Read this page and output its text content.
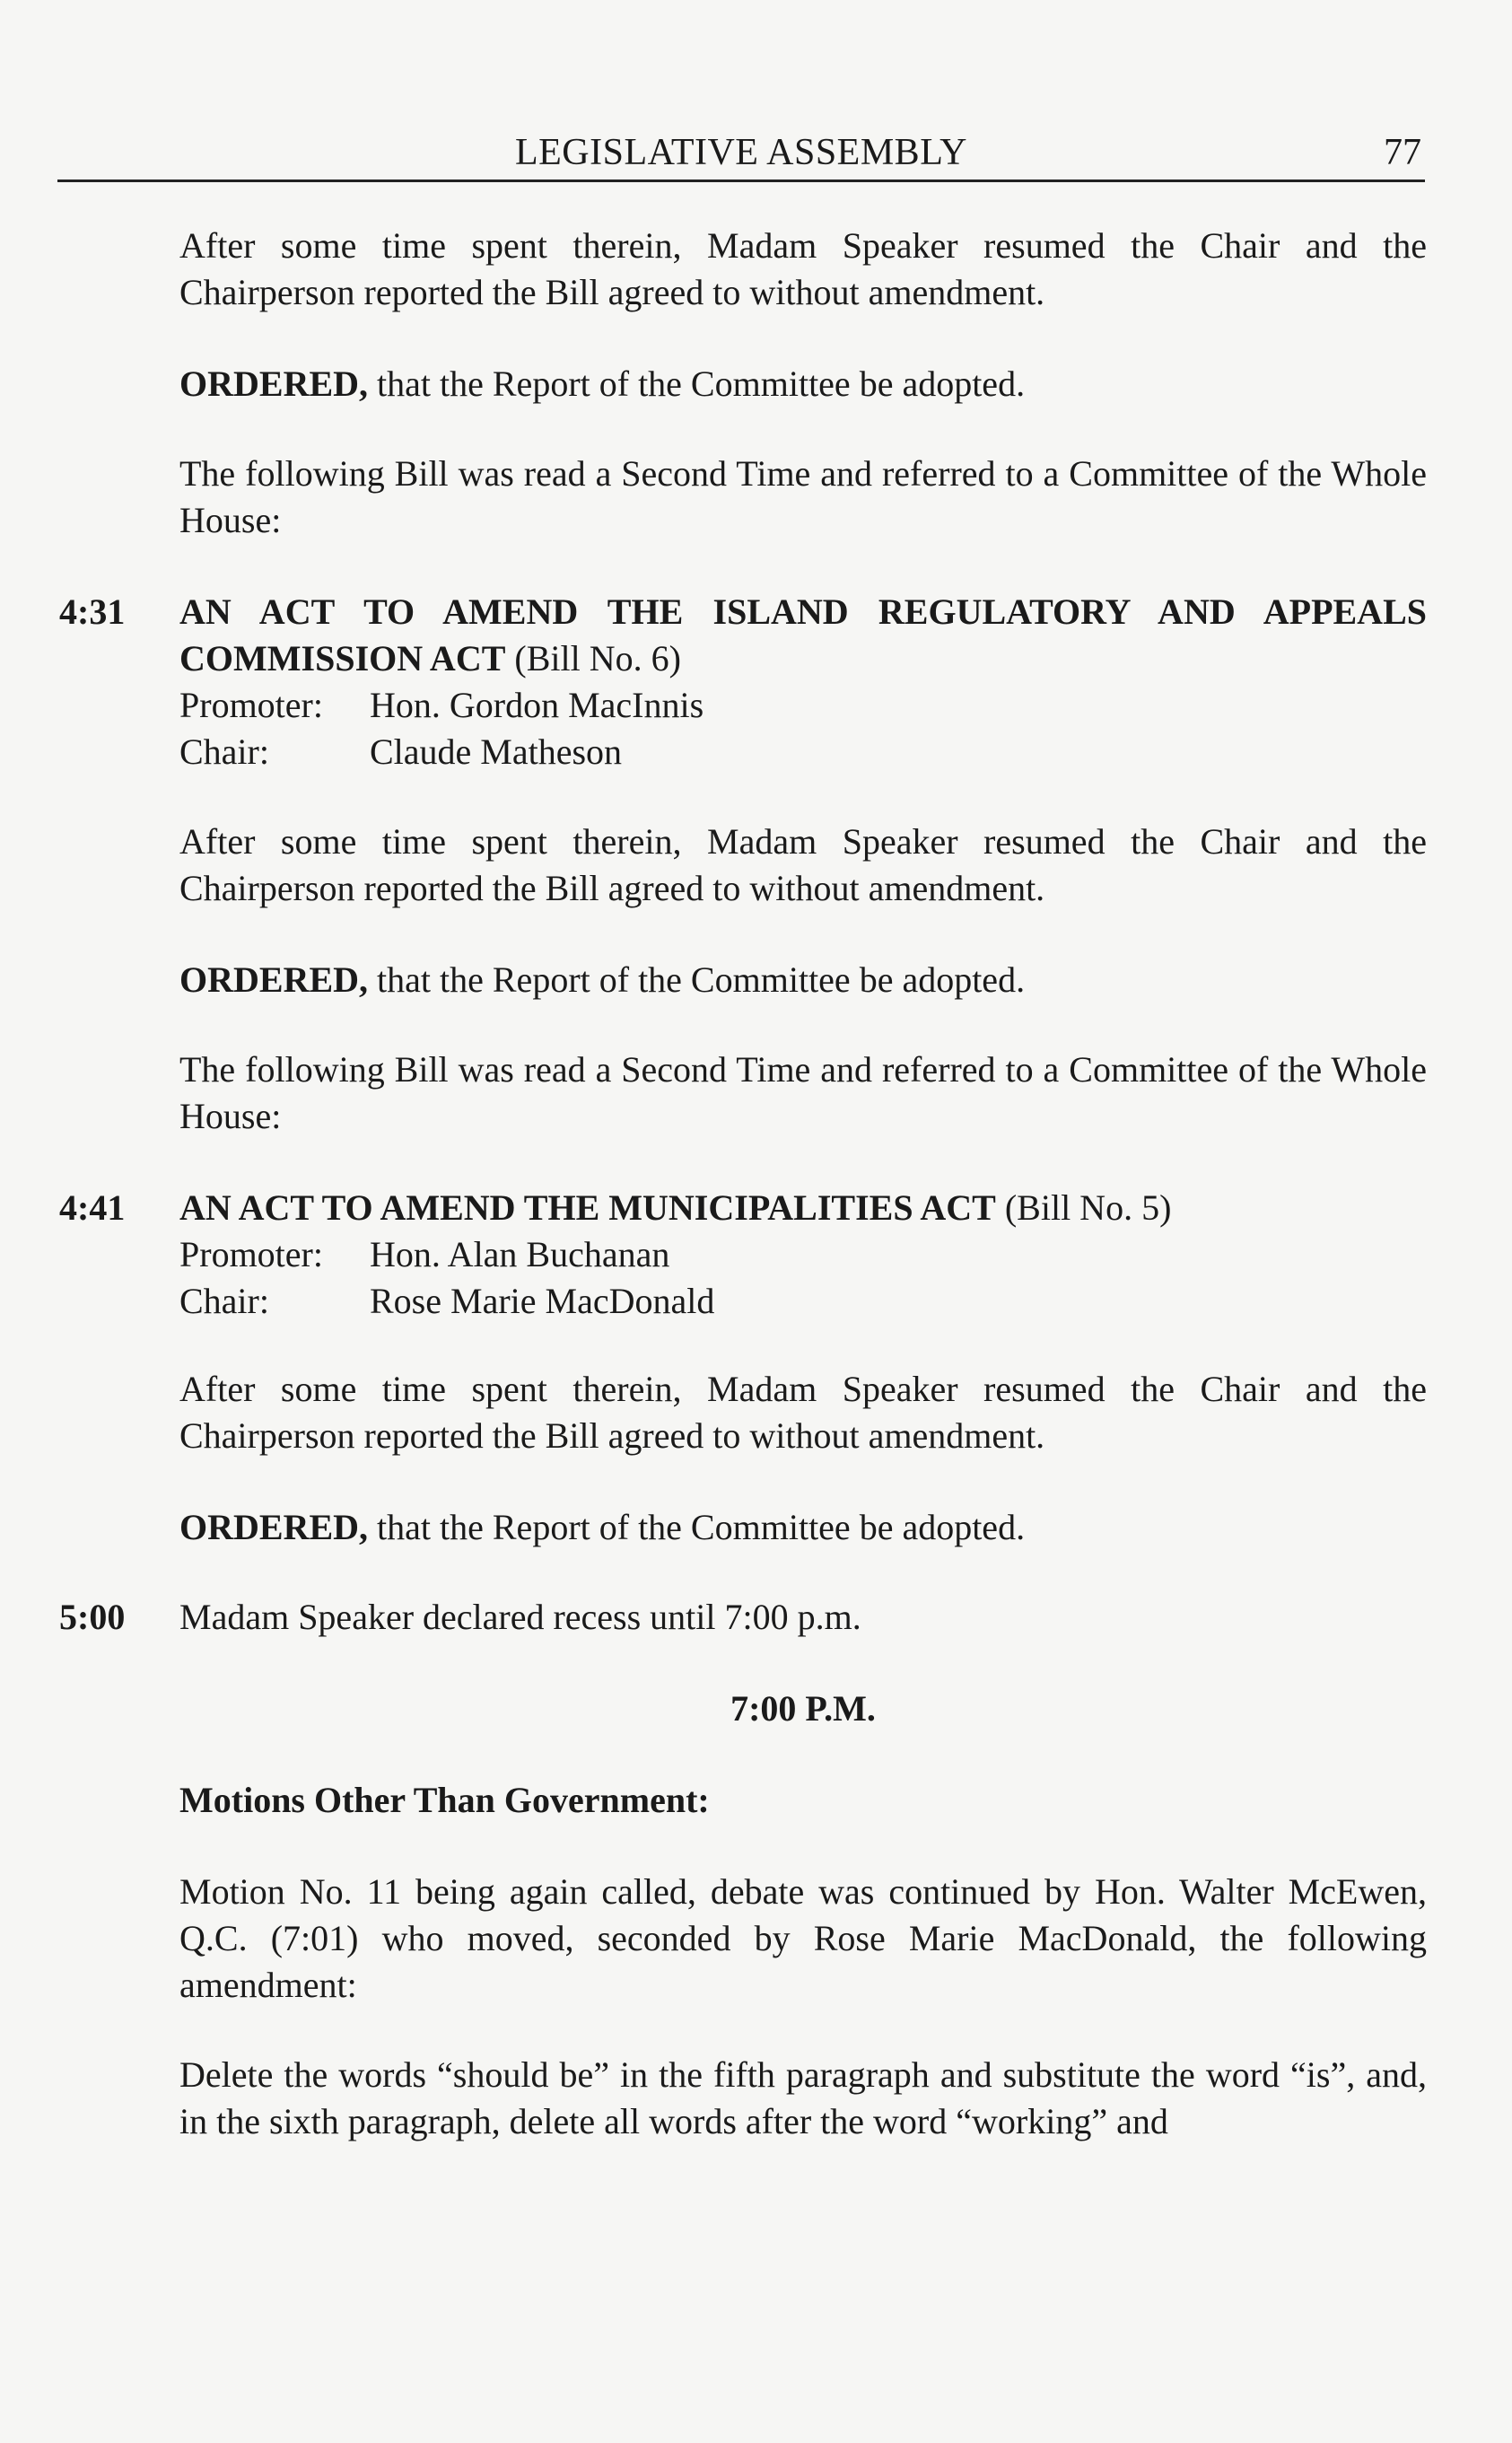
LEGISLATIVE ASSEMBLY	77
After some time spent therein, Madam Speaker resumed the Chair and the Chairperson reported the Bill agreed to without amendment.
ORDERED, that the Report of the Committee be adopted.
The following Bill was read a Second Time and referred to a Committee of the Whole House:
4:31 AN ACT TO AMEND THE ISLAND REGULATORY AND APPEALS COMMISSION ACT (Bill No. 6)
Promoter:	Hon. Gordon MacInnis
Chair:	Claude Matheson
After some time spent therein, Madam Speaker resumed the Chair and the Chairperson reported the Bill agreed to without amendment.
ORDERED, that the Report of the Committee be adopted.
The following Bill was read a Second Time and referred to a Committee of the Whole House:
4:41 AN ACT TO AMEND THE MUNICIPALITIES ACT (Bill No. 5)
Promoter:	Hon. Alan Buchanan
Chair:	Rose Marie MacDonald
After some time spent therein, Madam Speaker resumed the Chair and the Chairperson reported the Bill agreed to without amendment.
ORDERED, that the Report of the Committee be adopted.
5:00 Madam Speaker declared recess until 7:00 p.m.
7:00 P.M.
Motions Other Than Government:
Motion No. 11 being again called, debate was continued by Hon. Walter McEwen, Q.C. (7:01) who moved, seconded by Rose Marie MacDonald, the following amendment:
Delete the words “should be” in the fifth paragraph and substitute the word “is”, and, in the sixth paragraph, delete all words after the word “working” and
